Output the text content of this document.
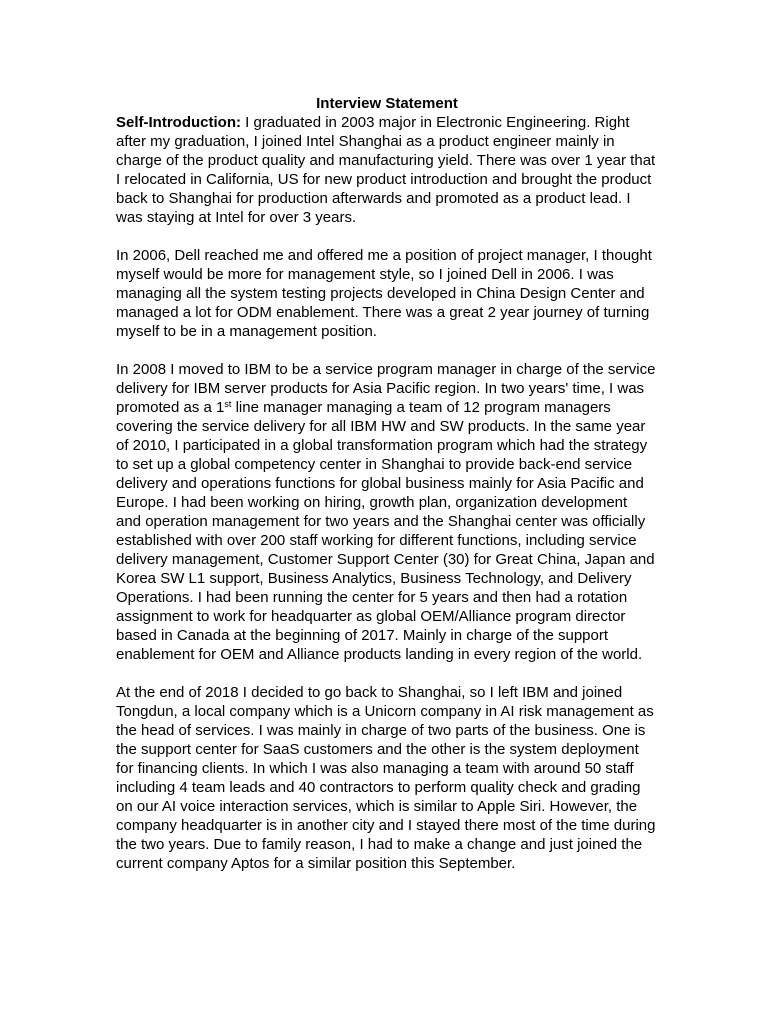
Interview Statement

Self-Introduction: I graduated in 2003 major in Electronic Engineering. Right after my graduation, I joined Intel Shanghai as a product engineer mainly in charge of the product quality and manufacturing yield. There was over 1 year that I relocated in California, US for new product introduction and brought the product back to Shanghai for production afterwards and promoted as a product lead. I was staying at Intel for over 3 years.

In 2006, Dell reached me and offered me a position of project manager, I thought myself would be more for management style, so I joined Dell in 2006. I was managing all the system testing projects developed in China Design Center and managed a lot for ODM enablement. There was a great 2 year journey of turning myself to be in a management position.

In 2008 I moved to IBM to be a service program manager in charge of the service delivery for IBM server products for Asia Pacific region. In two years' time, I was promoted as a 1st line manager managing a team of 12 program managers covering the service delivery for all IBM HW and SW products. In the same year of 2010, I participated in a global transformation program which had the strategy to set up a global competency center in Shanghai to provide back-end service delivery and operations functions for global business mainly for Asia Pacific and Europe. I had been working on hiring, growth plan, organization development and operation management for two years and the Shanghai center was officially established with over 200 staff working for different functions, including service delivery management, Customer Support Center (30) for Great China, Japan and Korea SW L1 support, Business Analytics, Business Technology, and Delivery Operations. I had been running the center for 5 years and then had a rotation assignment to work for headquarter as global OEM/Alliance program director based in Canada at the beginning of 2017. Mainly in charge of the support enablement for OEM and Alliance products landing in every region of the world.

At the end of 2018 I decided to go back to Shanghai, so I left IBM and joined Tongdun, a local company which is a Unicorn company in AI risk management as the head of services. I was mainly in charge of two parts of the business. One is the support center for SaaS customers and the other is the system deployment for financing clients. In which I was also managing a team with around 50 staff including 4 team leads and 40 contractors to perform quality check and grading on our AI voice interaction services, which is similar to Apple Siri. However, the company headquarter is in another city and I stayed there most of the time during the two years. Due to family reason, I had to make a change and just joined the current company Aptos for a similar position this September.
